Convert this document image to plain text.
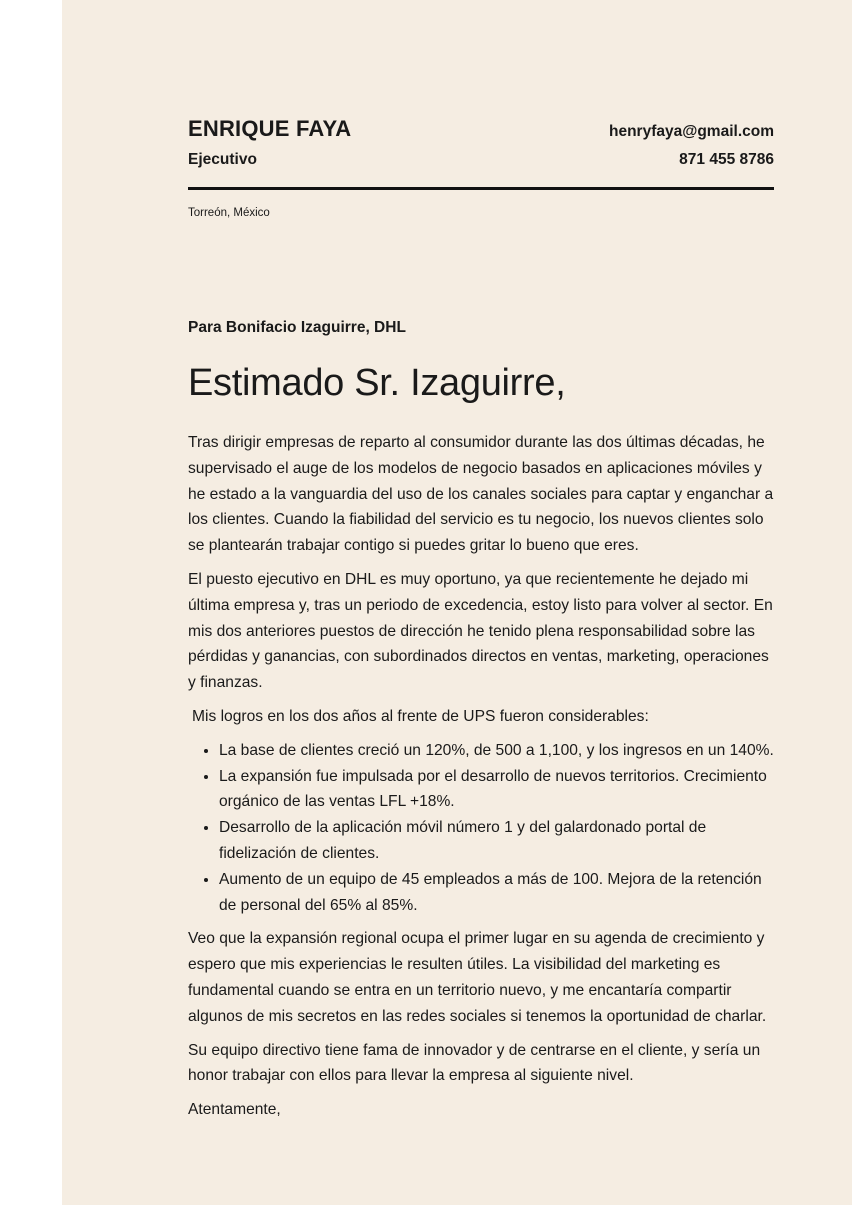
ENRIQUE FAYA	henryfaya@gmail.com
Ejecutivo	871 455 8786
Torreón, México
Para Bonifacio Izaguirre, DHL
Estimado Sr. Izaguirre,

Tras dirigir empresas de reparto al consumidor durante las dos últimas décadas, he supervisado el auge de los modelos de negocio basados en aplicaciones móviles y he estado a la vanguardia del uso de los canales sociales para captar y enganchar a los clientes. Cuando la fiabilidad del servicio es tu negocio, los nuevos clientes solo se plantearán trabajar contigo si puedes gritar lo bueno que eres.

El puesto ejecutivo en DHL es muy oportuno, ya que recientemente he dejado mi última empresa y, tras un periodo de excedencia, estoy listo para volver al sector. En mis dos anteriores puestos de dirección he tenido plena responsabilidad sobre las pérdidas y ganancias, con subordinados directos en ventas, marketing, operaciones y finanzas.

Mis logros en los dos años al frente de UPS fueron considerables:

• La base de clientes creció un 120%, de 500 a 1,100, y los ingresos en un 140%.
• La expansión fue impulsada por el desarrollo de nuevos territorios. Crecimiento orgánico de las ventas LFL +18%.
• Desarrollo de la aplicación móvil número 1 y del galardonado portal de fidelización de clientes.
• Aumento de un equipo de 45 empleados a más de 100. Mejora de la retención de personal del 65% al 85%.

Veo que la expansión regional ocupa el primer lugar en su agenda de crecimiento y espero que mis experiencias le resulten útiles. La visibilidad del marketing es fundamental cuando se entra en un territorio nuevo, y me encantaría compartir algunos de mis secretos en las redes sociales si tenemos la oportunidad de charlar.

Su equipo directivo tiene fama de innovador y de centrarse en el cliente, y sería un honor trabajar con ellos para llevar la empresa al siguiente nivel.

Atentamente,
